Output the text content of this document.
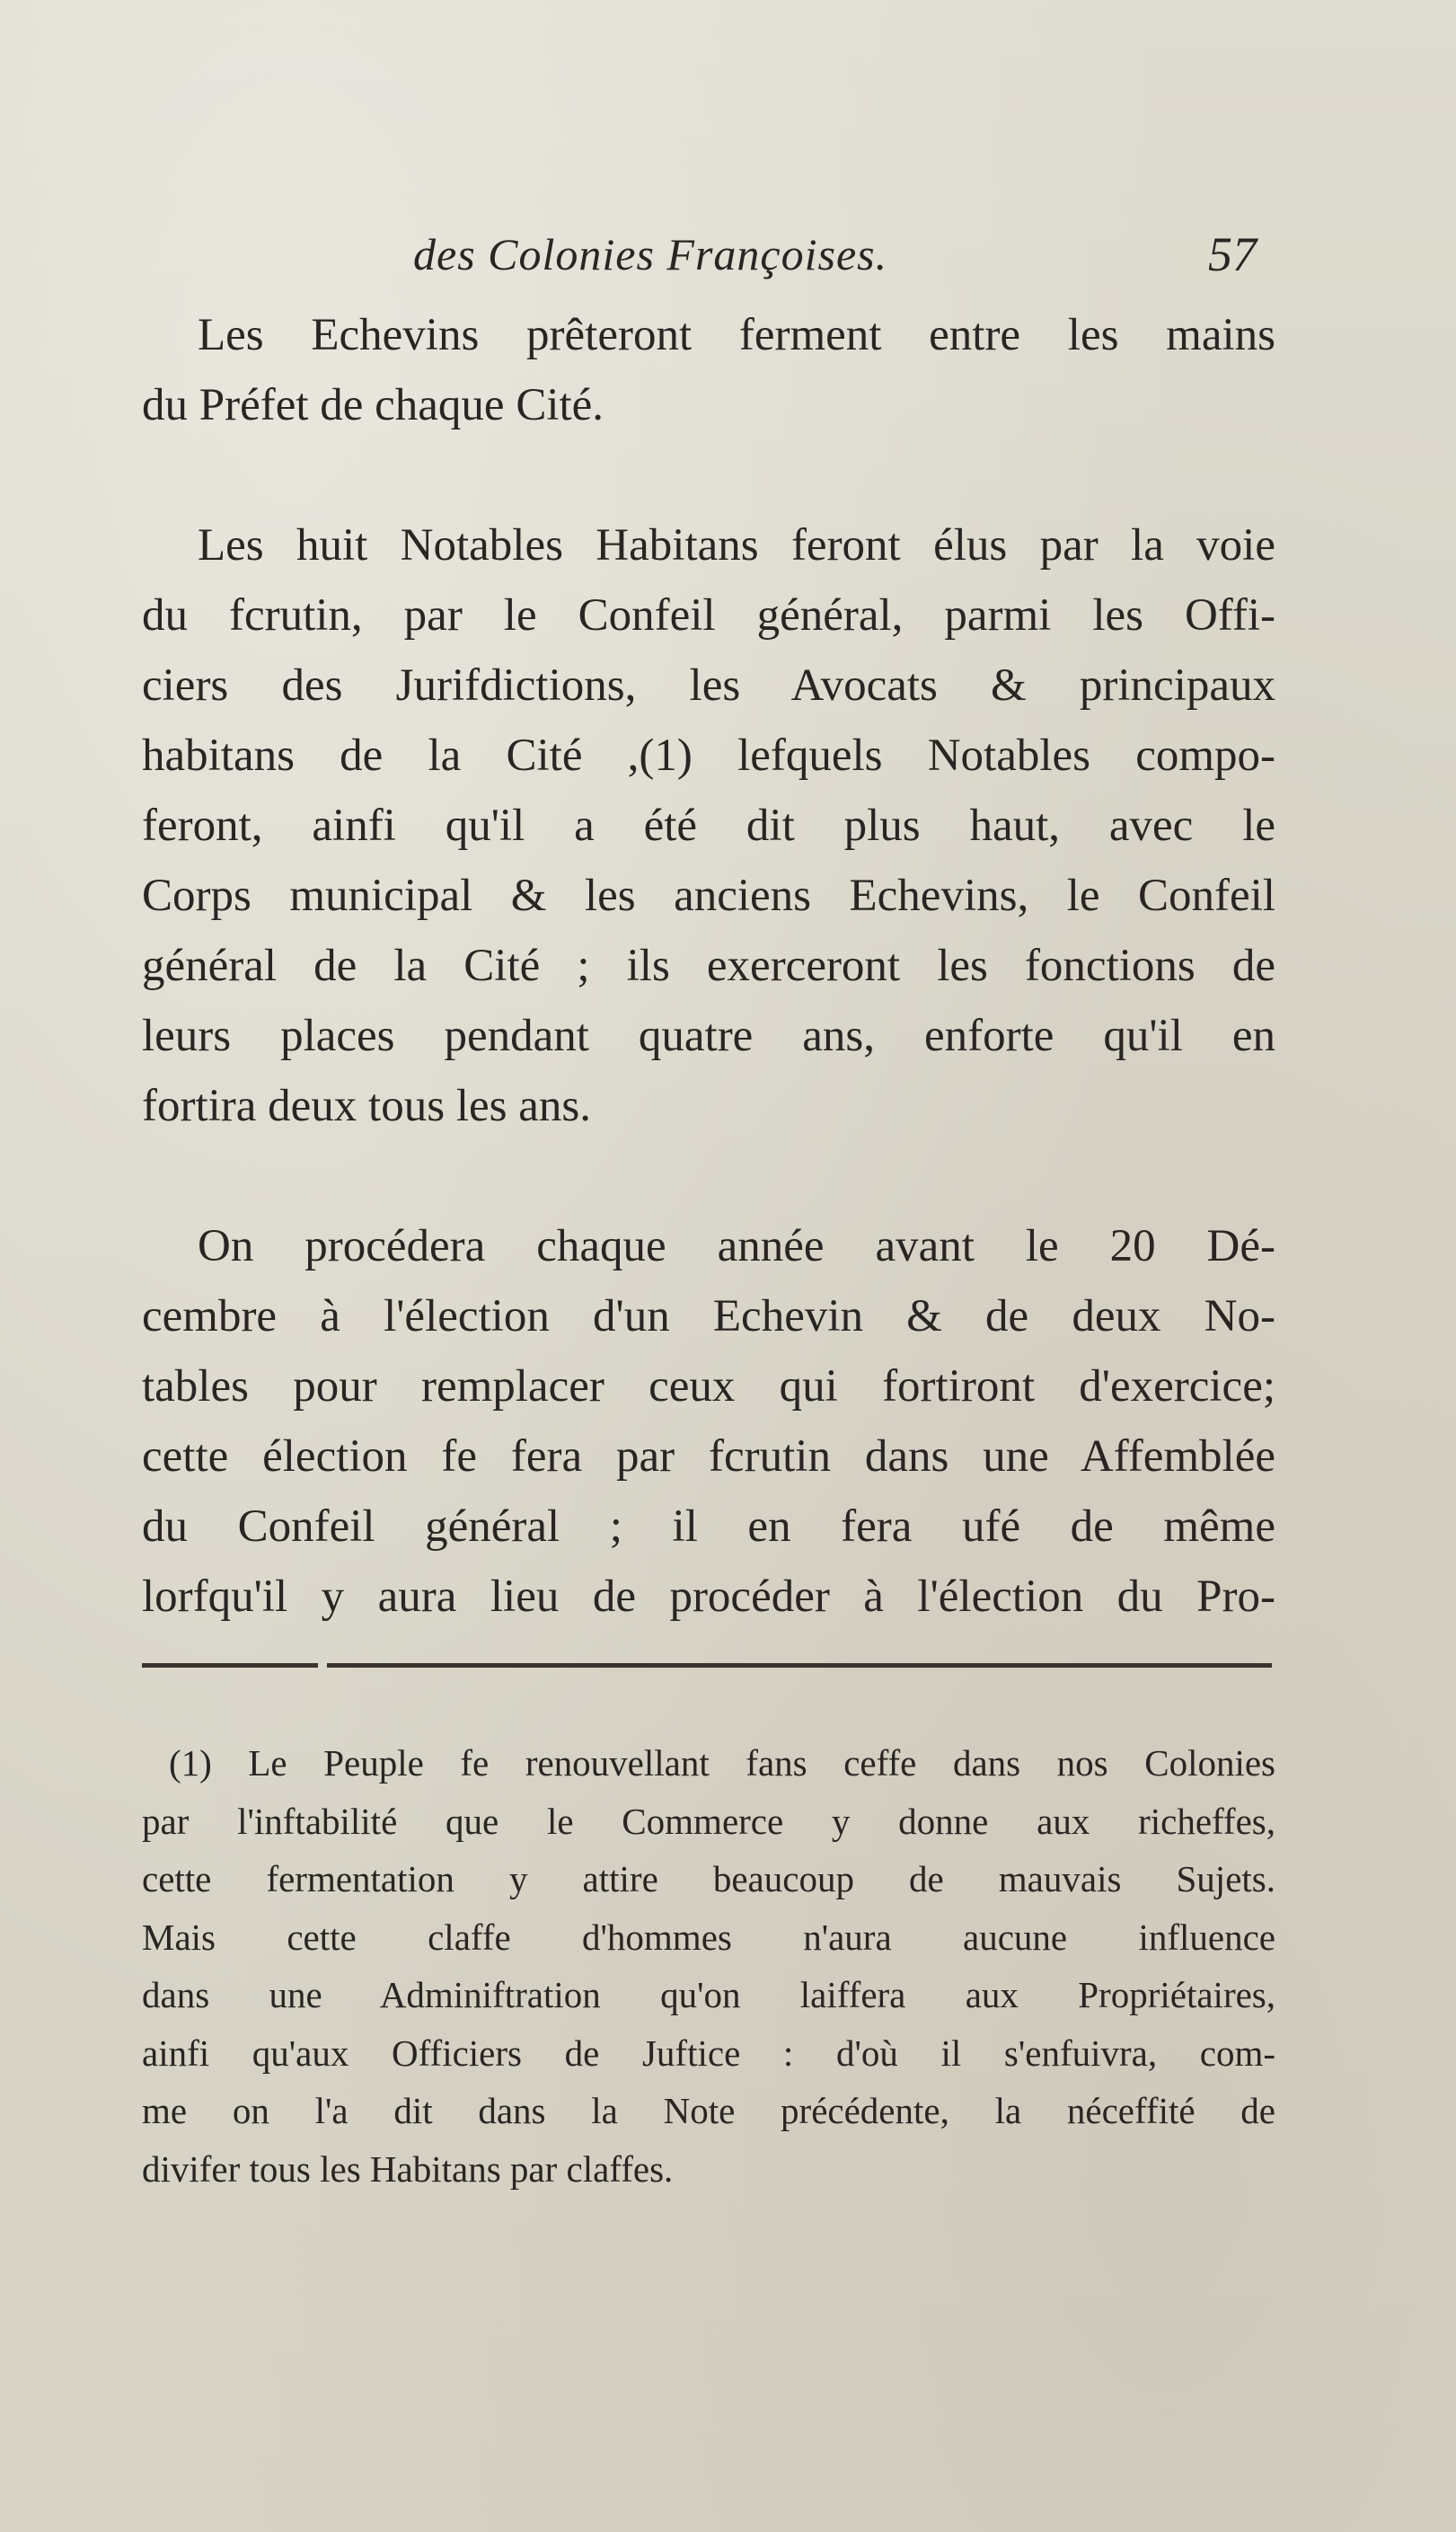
des Colonies Françoises.	57
Les Echevins prêteront ferment entre les mains
du Préfet de chaque Cité.
Les huit Notables Habitans feront élus par la voie
du fcrutin, par le Confeil général, parmi les Offi-
ciers des Jurifdictions, les Avocats & principaux
habitans de la Cité ,(1) lefquels Notables compo-
feront, ainfi qu'il a été dit plus haut, avec le
Corps municipal & les anciens Echevins, le Confeil
général de la Cité ; ils exerceront les fonctions de
leurs places pendant quatre ans, enforte qu'il en
fortira deux tous les ans.
On procédera chaque année avant le 20 Dé-
cembre à l'élection d'un Echevin & de deux No-
tables pour remplacer ceux qui fortiront d'exercice;
cette élection fe fera par fcrutin dans une Affemblée
du Confeil général ; il en fera ufé de même
lorfqu'il y aura lieu de procéder à l'élection du Pro-
(1) Le Peuple fe renouvellant fans ceffe dans nos Colonies
par l'inftabilité que le Commerce y donne aux richeffes,
cette fermentation y attire beaucoup de mauvais Sujets.
Mais cette claffe d'hommes n'aura aucune influence
dans une Adminiftration qu'on laiffera aux Propriétaires,
ainfi qu'aux Officiers de Juftice : d'où il s'enfuivra, com-
me on l'a dit dans la Note précédente, la néceffité de
divifer tous les Habitans par claffes.
